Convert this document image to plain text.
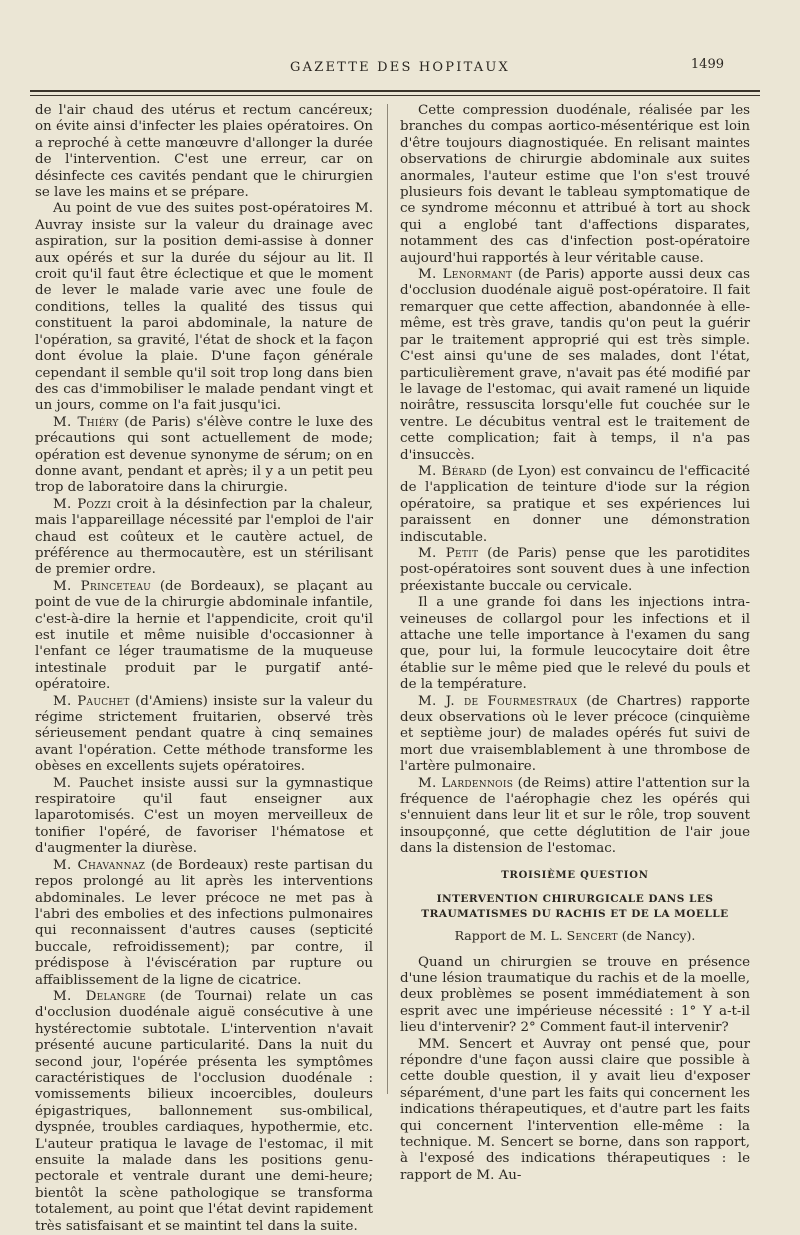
GAZETTE DES HOPITAUX	1499

de l'air chaud des utérus et rectum cancéreux; on évite ainsi d'infecter les plaies opératoires. On a reproché à cette manœuvre d'allonger la durée de l'intervention. C'est une erreur, car on désinfecte ces cavités pendant que le chirurgien se lave les mains et se prépare.

Au point de vue des suites post-opératoires M. Auvray insiste sur la valeur du drainage avec aspiration, sur la position demi-assise à donner aux opérés et sur la durée du séjour au lit. Il croit qu'il faut être éclectique et que le moment de lever le malade varie avec une foule de conditions, telles la qualité des tissus qui constituent la paroi abdominale, la nature de l'opération, sa gravité, l'état de shock et la façon dont évolue la plaie. D'une façon générale cependant il semble qu'il soit trop long dans bien des cas d'immobiliser le malade pendant vingt et un jours, comme on l'a fait jusqu'ici.

M. Thiéry (de Paris) s'élève contre le luxe des précautions qui sont actuellement de mode; opération est devenue synonyme de sérum; on en donne avant, pendant et après; il y a un petit peu trop de laboratoire dans la chirurgie.

M. Pozzi croit à la désinfection par la chaleur, mais l'appareillage nécessité par l'emploi de l'air chaud est coûteux et le cautère actuel, de préférence au thermocautère, est un stérilisant de premier ordre.

M. Princeteau (de Bordeaux), se plaçant au point de vue de la chirurgie abdominale infantile, c'est-à-dire la hernie et l'appendicite, croit qu'il est inutile et même nuisible d'occasionner à l'enfant ce léger traumatisme de la muqueuse intestinale produit par le purgatif anté-opératoire.

M. Pauchet (d'Amiens) insiste sur la valeur du régime strictement fruitarien, observé très sérieusement pendant quatre à cinq semaines avant l'opération. Cette méthode transforme les obèses en excellents sujets opératoires.

M. Pauchet insiste aussi sur la gymnastique respiratoire qu'il faut enseigner aux laparotomisés. C'est un moyen merveilleux de tonifier l'opéré, de favoriser l'hématose et d'augmenter la diurèse.

M. Chavannaz (de Bordeaux) reste partisan du repos prolongé au lit après les interventions abdominales. Le lever précoce ne met pas à l'abri des embolies et des infections pulmonaires qui reconnaissent d'autres causes (septicité buccale, refroidissement); par contre, il prédispose à l'éviscération par rupture ou affaiblissement de la ligne de cicatrice.

M. Delangre (de Tournai) relate un cas d'occlusion duodénale aiguë consécutive à une hystérectomie subtotale. L'intervention n'avait présenté aucune particularité. Dans la nuit du second jour, l'opérée présenta les symptômes caractéristiques de l'occlusion duodénale : vomissements bilieux incoercibles, douleurs épigastriques, ballonnement sus-ombilical, dyspnée, troubles cardiaques, hypothermie, etc. L'auteur pratiqua le lavage de l'estomac, il mit ensuite la malade dans les positions genu-pectorale et ventrale durant une demi-heure; bientôt la scène pathologique se transforma totalement, au point que l'état devint rapidement très satisfaisant et se maintint tel dans la suite.

Cette compression duodénale, réalisée par les branches du compas aortico-mésentérique est loin d'être toujours diagnostiquée. En relisant maintes observations de chirurgie abdominale aux suites anormales, l'auteur estime que l'on s'est trouvé plusieurs fois devant le tableau symptomatique de ce syndrome méconnu et attribué à tort au shock qui a englobé tant d'affections disparates, notamment des cas d'infection post-opératoire aujourd'hui rapportés à leur véritable cause.

M. Lenormant (de Paris) apporte aussi deux cas d'occlusion duodénale aiguë post-opératoire. Il fait remarquer que cette affection, abandonnée à elle-même, est très grave, tandis qu'on peut la guérir par le traitement approprié qui est très simple. C'est ainsi qu'une de ses malades, dont l'état, particulièrement grave, n'avait pas été modifié par le lavage de l'estomac, qui avait ramené un liquide noirâtre, ressuscita lorsqu'elle fut couchée sur le ventre. Le décubitus ventral est le traitement de cette complication; fait à temps, il n'a pas d'insuccès.

M. Bérard (de Lyon) est convaincu de l'efficacité de l'application de teinture d'iode sur la région opératoire, sa pratique et ses expériences lui paraissent en donner une démonstration indiscutable.

M. Petit (de Paris) pense que les parotidites post-opératoires sont souvent dues à une infection préexistante buccale ou cervicale.

Il a une grande foi dans les injections intra-veineuses de collargol pour les infections et il attache une telle importance à l'examen du sang que, pour lui, la formule leucocytaire doit être établie sur le même pied que le relevé du pouls et de la température.

M. J. de Fourmestraux (de Chartres) rapporte deux observations où le lever précoce (cinquième et septième jour) de malades opérés fut suivi de mort due vraisemblablement à une thrombose de l'artère pulmonaire.

M. Lardennois (de Reims) attire l'attention sur la fréquence de l'aérophagie chez les opérés qui s'ennuient dans leur lit et sur le rôle, trop souvent insoupçonné, que cette déglutition de l'air joue dans la distension de l'estomac.

TROISIÈME QUESTION
INTERVENTION CHIRURGICALE DANS LES TRAUMATISMES DU RACHIS ET DE LA MOELLE
Rapport de M. L. Sencert (de Nancy).

Quand un chirurgien se trouve en présence d'une lésion traumatique du rachis et de la moelle, deux problèmes se posent immédiatement à son esprit avec une impérieuse nécessité : 1° Y a-t-il lieu d'intervenir? 2° Comment faut-il intervenir?

MM. Sencert et Auvray ont pensé que, pour répondre d'une façon aussi claire que possible à cette double question, il y avait lieu d'exposer séparément, d'une part les faits qui concernent les indications thérapeutiques, et d'autre part les faits qui concernent l'intervention elle-même : la technique. M. Sencert se borne, dans son rapport, à l'exposé des indications thérapeutiques : le rapport de M. Au-
